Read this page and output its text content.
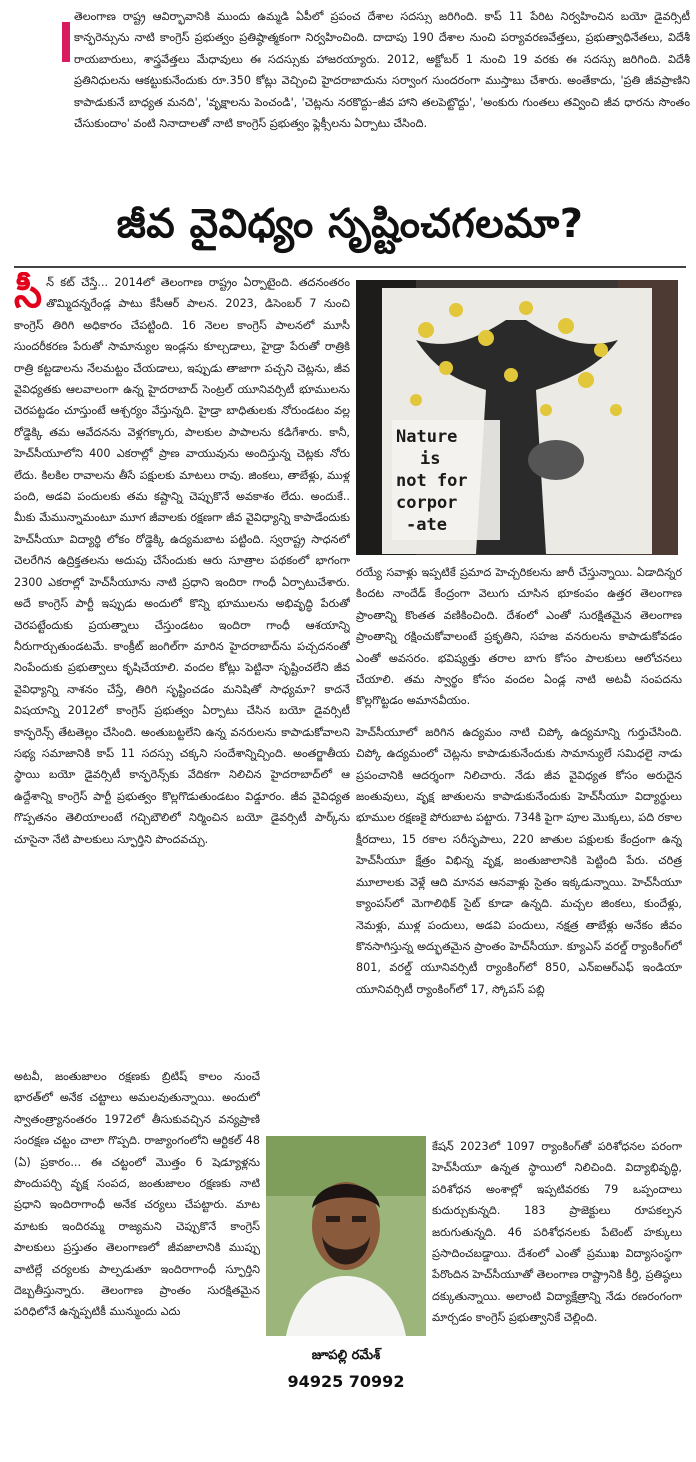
తెలంగాణ రాష్ట్ర ఆవిర్భావానికి ముందు ఉమ్మడి ఏపీలో ప్రపంచ దేశాల సదస్సు జరిగింది. కాప్ 11 పేరిట నిర్వహించిన బయో డైవర్సిటీ కాన్ఫరెన్సును నాటి కాంగ్రెస్ ప్రభుత్వం ప్రతిష్ఠాత్మకంగా నిర్వహించింది. దాదాపు 190 దేశాల నుంచి పర్యావరణవేత్తలు, ప్రభుత్వాధినేతలు, విదేశీ రాయబారులు, శాస్త్రవేత్తలు మేధావులు ఈ సదస్సుకు హాజరయ్యారు. 2012, అక్టోబర్ 1 నుంచి 19 వరకు ఈ సదస్సు జరిగింది. విదేశీ ప్రతినిధులను ఆకట్టుకునేందుకు రూ.350 కోట్లు వెచ్చించి హైదరాబాదును సర్వాంగ సుందరంగా ముస్తాబు చేశారు. అంతేకాదు, 'ప్రతి జీవప్రాణిని కాపాడుకునే బాధ్యత మనది', 'వృక్షాలను పెంచండి', 'చెట్లను నరకొద్దు–జీవ హాని తలపెట్టొద్దు', 'అంకురు గుంతలు తవ్వించి జీవ ధారను సొంతం చేసుకుందాం' వంటి నినాదాలతో నాటి కాంగ్రెస్ ప్రభుత్వం ఫ్లెక్సీలను ఏర్పాటు చేసింది.

జీవ వైవిధ్యం సృష్టించగలమా?

సీన్ కట్ చేస్తే... 2014లో తెలంగాణ రాష్ట్రం ఏర్పాటైంది. తదనంతరం తొమ్మిదన్నరేండ్ల పాటు కేసీఆర్ పాలన. 2023, డిసెంబర్ 7 నుంచి కాంగ్రెస్ తిరిగి అధికారం చేపట్టింది. 16 నెలల కాంగ్రెస్ పాలనలో మూసీ సుందరీకరణ పేరుతో సామాన్యుల ఇండ్లను కూల్చడాలు, హైడ్రా పేరుతో రాత్రికి రాత్రి కట్టడాలను నేలమట్టం చేయడాలు, ఇప్పుడు తాజాగా పచ్చని చెట్లను, జీవ వైవిధ్యతకు ఆలవాలంగా ఉన్న హైదరాబాద్ సెంట్రల్ యూనివర్సిటీ భూములను చెరపట్టడం చూస్తుంటే ఆశ్చర్యం వేస్తున్నది. హైడ్రా బాధితులకు నోరుండటం వల్ల రోడ్డెక్కి తమ ఆవేదనను వెళ్లగక్కారు, పాలకుల పాపాలను కడిగేశారు. కానీ, హెచ్‌సీయూలోని 400 ఎకరాల్లో ప్రాణ వాయువును అందిస్తున్న చెట్లకు నోరు లేదు. కిలకిల రావాలను తీసే పక్షులకు మాటలు రావు. జింకలు, తాబేళ్లు, ముళ్ల పంది, అడవి పందులకు తమ కష్టాన్ని చెప్పుకొనే అవకాశం లేదు. అందుకే.. మీకు మేమున్నామంటూ మూగ జీవాలకు రక్షణగా జీవ వైవిధ్యాన్ని కాపాడేందుకు హెచ్‌సీయూ విద్యార్థి లోకం రోడ్డెక్కి ఉద్యమబాట పట్టింది. స్వరాష్ట్ర సాధనలో చెలరేగిన ఉద్రిక్తతలను అదుపు చేసేందుకు ఆరు సూత్రాల పథకంలో భాగంగా 2300 ఎకరాల్లో హెచ్‌సీయూను నాటి ప్రధాని ఇందిరా గాంధీ ఏర్పాటుచేశారు. అదే కాంగ్రెస్ పార్టీ ఇప్పుడు అందులో కొన్ని భూములను అభివృద్ధి పేరుతో చెరపట్టేందుకు ప్రయత్నాలు చేస్తుండటం ఇందిరా గాంధీ ఆశయాన్ని నీరుగార్చుతుండటమే. కాంక్రీట్ జంగిల్‌గా మారిన హైదరాబాద్‌ను పచ్చదనంతో నింపేందుకు ప్రభుత్వాలు కృషిచేయాలి. వందల కోట్లు పెట్టినా సృష్టించలేని జీవ వైవిధ్యాన్ని నాశనం చేస్తే, తిరిగి సృష్టించడం మనిషితో సాధ్యమా? కాదనే విషయాన్ని 2012లో కాంగ్రెస్ ప్రభుత్వం ఏర్పాటు చేసిన బయో డైవర్సిటీ కాన్ఫరెన్స్ తేటతెల్లం చేసింది. అంతుబట్టలేని ఉన్న వనరులను కాపాడుకోవాలని సభ్య సమాజానికి కాప్ 11 సదస్సు చక్కని సందేశాన్నిచ్చింది. అంతర్జాతీయ స్థాయి బయో డైవర్సిటీ కాన్ఫరెన్స్‌కు వేదికగా నిలిచిన హైదరాబాద్‌లో ఆ ఉద్దేశాన్ని కాంగ్రెస్ పార్టీ ప్రభుత్వం కొల్లగొడుతుండటం విడ్డూరం. జీవ వైవిధ్యత గొప్పతనం తెలియాలంటే గచ్చిబౌలిలో నిర్మించిన బయో డైవర్సిటీ పార్క్‌ను చూసైనా నేటి పాలకులు స్ఫూర్తిని పొందవచ్చు.

అటవీ, జంతుజాలం రక్షణకు బ్రిటిష్ కాలం నుంచే భారత్‌లో అనేక చట్టాలు అమలవుతున్నాయి. అందులో స్వాతంత్ర్యానంతరం 1972లో తీసుకువచ్చిన వన్యప్రాణి సంరక్షణ చట్టం చాలా గొప్పది. రాజ్యాంగంలోని ఆర్టికల్ 48 (ఏ) ప్రకారం... ఈ చట్టంలో మొత్తం 6 షెడ్యూళ్లను పొందుపర్చి వృక్ష సంపద, జంతుజాలం రక్షణకు నాటి ప్రధాని ఇందిరాగాంధీ అనేక చర్యలు చేపట్టారు. మాట మాటకు ఇందిరమ్మ రాజ్యమని చెప్పుకొనే కాంగ్రెస్ పాలకులు ప్రస్తుతం తెలంగాణలో జీవజాలానికి ముప్పు వాటిల్లే చర్యలకు పాల్పడుతూ ఇందిరాగాంధీ స్ఫూర్తిని దెబ్బతీస్తున్నారు. తెలంగాణ ప్రాంతం సురక్షితమైన పరిధిలోనే ఉన్నప్పటికీ మున్ముందు ఎదు

Nature
is
not for
corpor
-ate

రయ్యే సవాళ్లు ఇప్పటికే ప్రమాద హెచ్చరికలను జారీ చేస్తున్నాయి. ఏడాదిన్నర కిందట నాందేడ్ కేంద్రంగా వెలుగు చూసిన భూకంపం ఉత్తర తెలంగాణ ప్రాంతాన్ని కొంతత వణికించింది. దేశంలో ఎంతో సురక్షితమైన తెలంగాణ ప్రాంతాన్ని రక్షించుకోవాలంటే ప్రకృతిని, సహజ వనరులను కాపాడుకోవడం ఎంతో అవసరం. భవిష్యత్తు తరాల బాగు కోసం పాలకులు ఆలోచనలు చేయాలి. తమ స్వార్థం కోసం వందల ఏండ్ల నాటి అటవీ సంపదను కొల్లగొట్టడం అమానవీయం.

హెచ్‌సీయూలో జరిగిన ఉద్యమం నాటి చిప్కో ఉద్యమాన్ని గుర్తుచేసింది. చిప్కో ఉద్యమంలో చెట్లను కాపాడుకునేందుకు సామాన్యులే సమిధలై నాడు ప్రపంచానికి ఆదర్శంగా నిలిచారు. నేడు జీవ వైవిధ్యత కోసం అరుదైన జంతువులు, వృక్ష జాతులను కాపాడుకునేందుకు హెచ్‌సీయూ విద్యార్థులు భూముల రక్షణకై పోరుబాట పట్టారు. 734కి పైగా పూల మొక్కలు, పది రకాల క్షీరదాలు, 15 రకాల సరీసృపాలు, 220 జాతుల పక్షులకు కేంద్రంగా ఉన్న హెచ్‌సీయూ క్షేత్రం విభిన్న వృక్ష, జంతుజాలానికి పెట్టింది పేరు. చరిత్ర మూలాలకు వెళ్లే ఆది మానవ ఆనవాళ్లు సైతం ఇక్కడున్నాయి. హెచ్‌సీయూ క్యాంపస్‌లో మెగాలిథిక్ సైట్ కూడా ఉన్నది. మచ్చల జింకలు, కుందేళ్లు, నెమళ్లు, ముళ్ల పందులు, అడవి పందులు, నక్షత్ర తాబేళ్లు అనేకం జీవం కొనసాగిస్తున్న అద్భుతమైన ప్రాంతం హెచ్‌సీయూ. క్యూఎస్ వరల్డ్ ర్యాంకింగ్‌లో 801, వరల్డ్ యూనివర్సిటీ ర్యాంకింగ్‌లో 850, ఎన్ఐఆర్ఎఫ్ ఇండియా యూనివర్సిటీ ర్యాంకింగ్‌లో 17, స్కోపస్ పబ్లి

కేషన్ 2023లో 1097 ర్యాంకింగ్‌తో పరిశోధనల పరంగా హెచ్‌సీయూ ఉన్నత స్థాయిలో నిలిచింది. విద్యాభివృద్ధి, పరిశోధన అంశాల్లో ఇప్పటివరకు 79 ఒప్పందాలు కుదుర్చుకున్నది. 183 ప్రాజెక్టులు రూపకల్పన జరుగుతున్నది. 46 పరిశోధనలకు పేటెంట్ హక్కులు ప్రసాదించబడ్డాయి. దేశంలో ఎంతో ప్రముఖ విద్యాసంస్థగా పేరొందిన హెచ్‌సీయూతో తెలంగాణ రాష్ట్రానికి కీర్తి, ప్రతిష్ఠలు దక్కుతున్నాయి. అలాంటి విద్యాక్షేత్రాన్ని నేడు రణరంగంగా మార్చడం కాంగ్రెస్ ప్రభుత్వానికే చెల్లింది.

జూపల్లి రమేశ్
94925 70992
